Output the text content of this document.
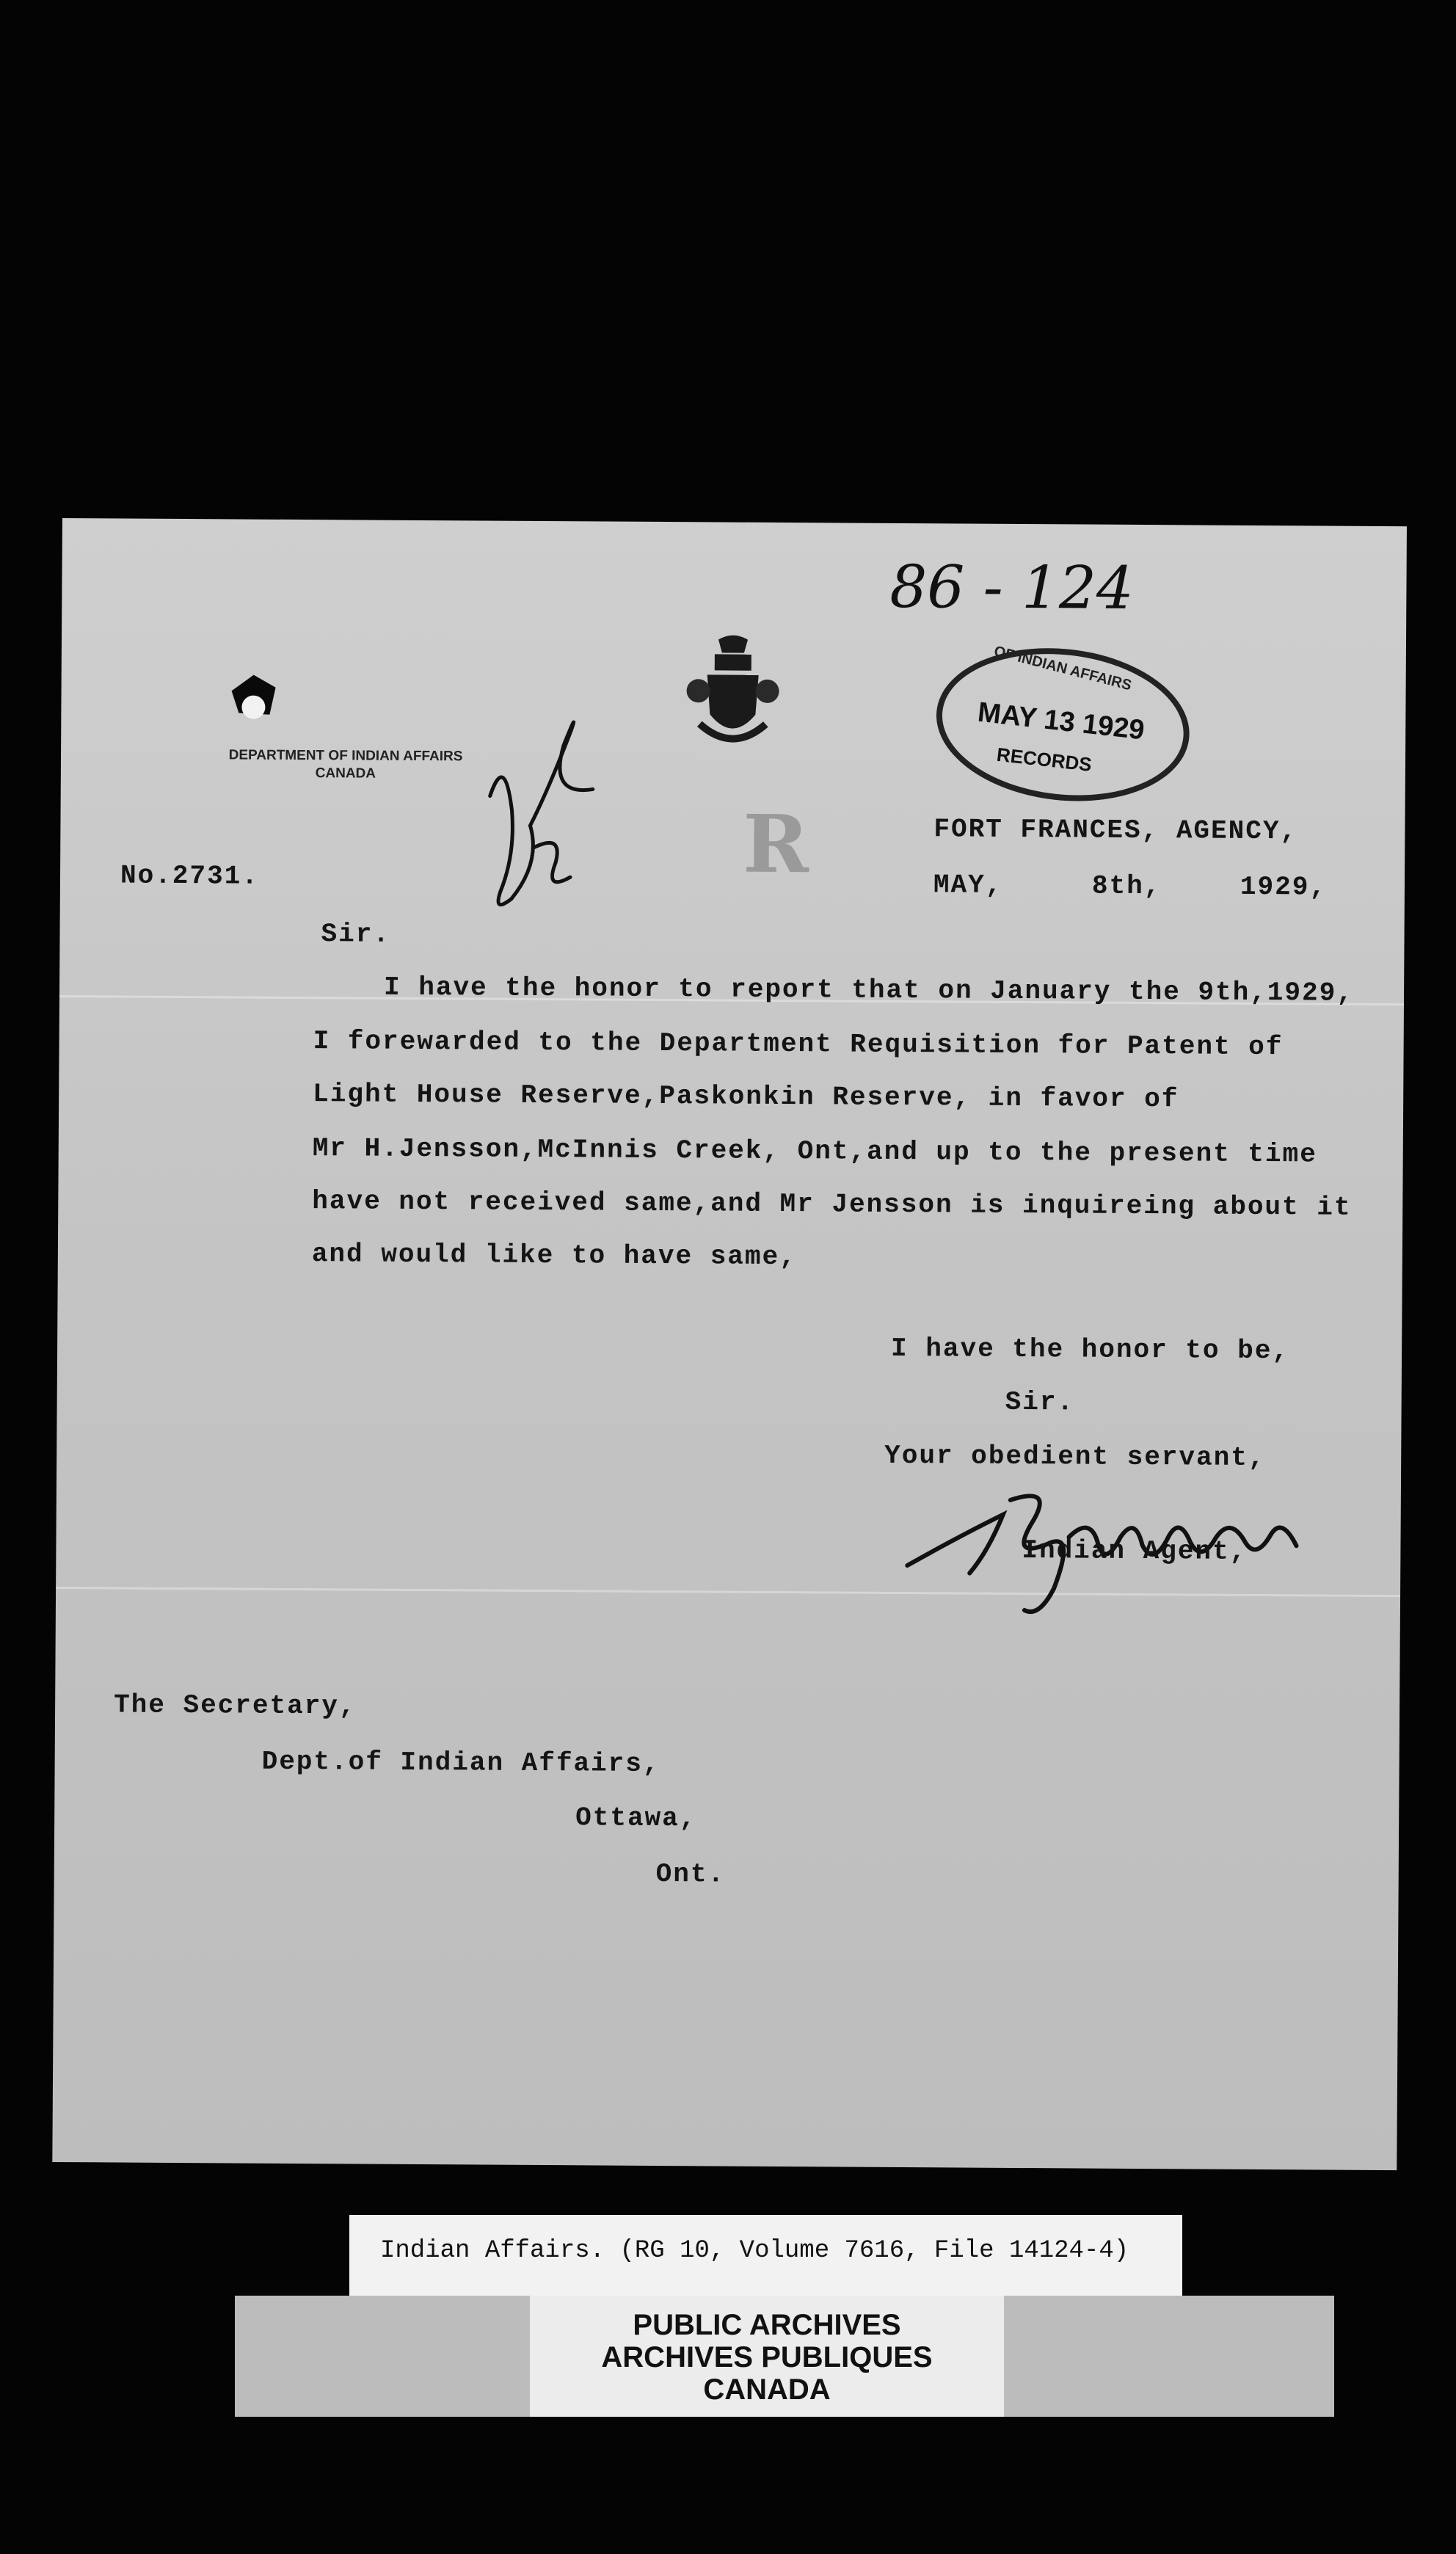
86 - 124
DEPARTMENT OF INDIAN AFFAIRS
CANADA
OF INDIAN AFFAIRS
MAY 13 1929
RECORDS
R	FORT FRANCES, AGENCY,

MAY,	8th,	1929,

No.2731.

Sir.

I have the honor to report that on January the 9th,1929,

I forewarded to the Department Requisition for Patent of

Light House Reserve,Paskonkin Reserve, in favor of

Mr H.Jensson,McInnis Creek, Ont,and up to the present time

have not received same,and Mr Jensson is inquireing about it

and would like to have same,

I have the honor to be,

Sir.

Your obedient servant,

Indian Agent,

The Secretary,

Dept.of Indian Affairs,

Ottawa,

Ont.

Indian Affairs. (RG 10, Volume 7616, File 14124-4)
PUBLIC ARCHIVES
ARCHIVES PUBLIQUES
CANADA
